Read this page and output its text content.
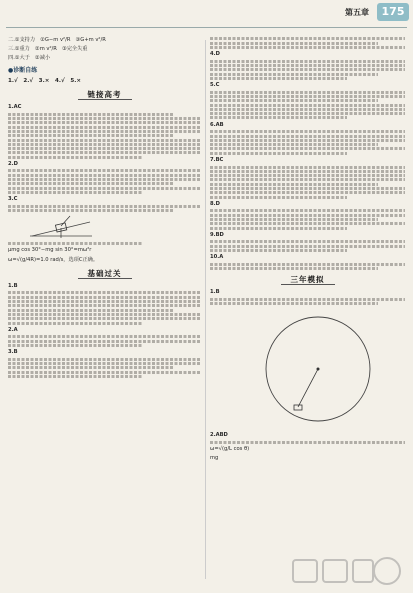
第五章	175
二.①支持力　②G−m v²/R　③G+m v²/R
三.①重力　②m v²/R　③完全失重
四.①大于　②减小
●诊断自练
1.√　2.√　3.×　4.√　5.×
链接高考
1.AC
2.D
3.C
μmg cos 30°−mg sin 30°=mω²r
ω=√(g/4R)=1.0 rad/s，选项C正确。
基础过关
1.B
2.A
3.B
4.D
5.C
6.AB
7.BC
8.D
9.BD
10.A
三年模拟
1.B
2.ABD
ω=√(g/L cos θ)
mg
